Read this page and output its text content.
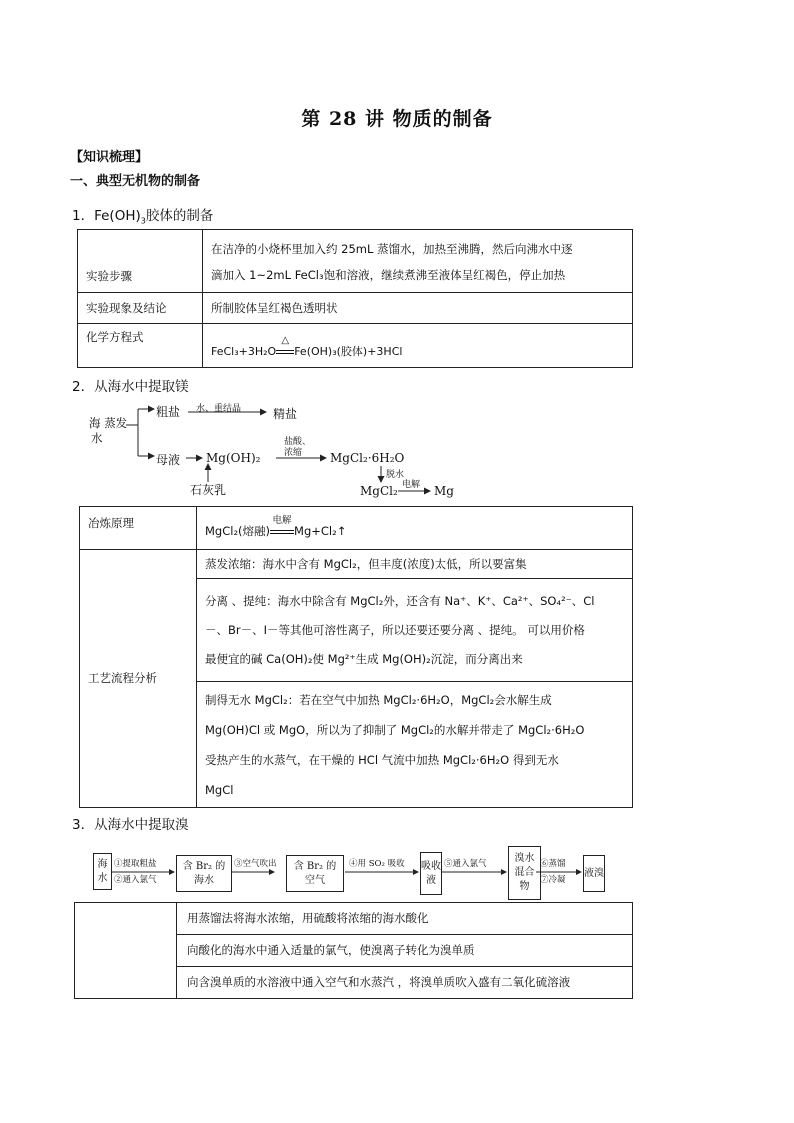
第 28 讲 物质的制备
【知识梳理】
一、典型无机物的制备
1．$Fe(OH)_3$胶体的制备
实验步骤	在洁净的小烧杯里加入约 25mL 蒸馏水，加热至沸腾，然后向沸水中逐
滴加入 1~2mL FeCl₃饱和溶液，继续煮沸至液体呈红褐色，停止加热

实验现象及结论	所制胶体呈红褐色透明状
化学方程式	FeCl₃+3H₂O
△
Fe(OH)₃(胶体)+3HCl
2．从海水中提取镁
海 蒸发
水
粗盐 水、重结晶	精盐
母液 Mg(OH)₂
石灰乳
盐酸、
浓缩 MgCl₂·6H₂O
脱水
MgCl₂ 电解 Mg
冶炼原理	MgCl₂(熔融)
电解
Mg+Cl₂↑
工艺流程分析	蒸发浓缩：海水中含有 MgCl₂，但丰度(浓度)太低，所以要富集

	分离 、提纯：海水中除含有 MgCl₂外，还含有 Na⁺、K⁺、Ca²⁺、SO₄²⁻、Cl
－、Br－、I－等其他可溶性离子，所以还要还要分离 、提纯。 可以用价格
最便宜的碱 Ca(OH)₂使 Mg²⁺生成 Mg(OH)₂沉淀，而分离出来

	制得无水 MgCl₂：若在空气中加热 MgCl₂·6H₂O，MgCl₂会水解生成
Mg(OH)Cl 或 MgO，所以为了抑制了 MgCl₂的水解并带走了 MgCl₂·6H₂O
受热产生的水蒸气，在干燥的 HCl 气流中加热 MgCl₂·6H₂O 得到无水
MgCl
3．从海水中提取溴
海水
①提取粗盐
②通入氯气
含 Br₂ 的
海水
③空气吹出 含 Br₂ 的
空气
④用 SO₂ 吸收 吸收液
⑤通入氯气	溴水混合物
⑥蒸馏
⑦冷凝
液溴
	用蒸馏法将海水浓缩，用硫酸将浓缩的海水酸化
向酸化的海水中通入适量的氯气，使溴离子转化为溴单质
向含溴单质的水溶液中通入空气和水蒸汽 ，将溴单质吹入盛有二氧化硫溶液
